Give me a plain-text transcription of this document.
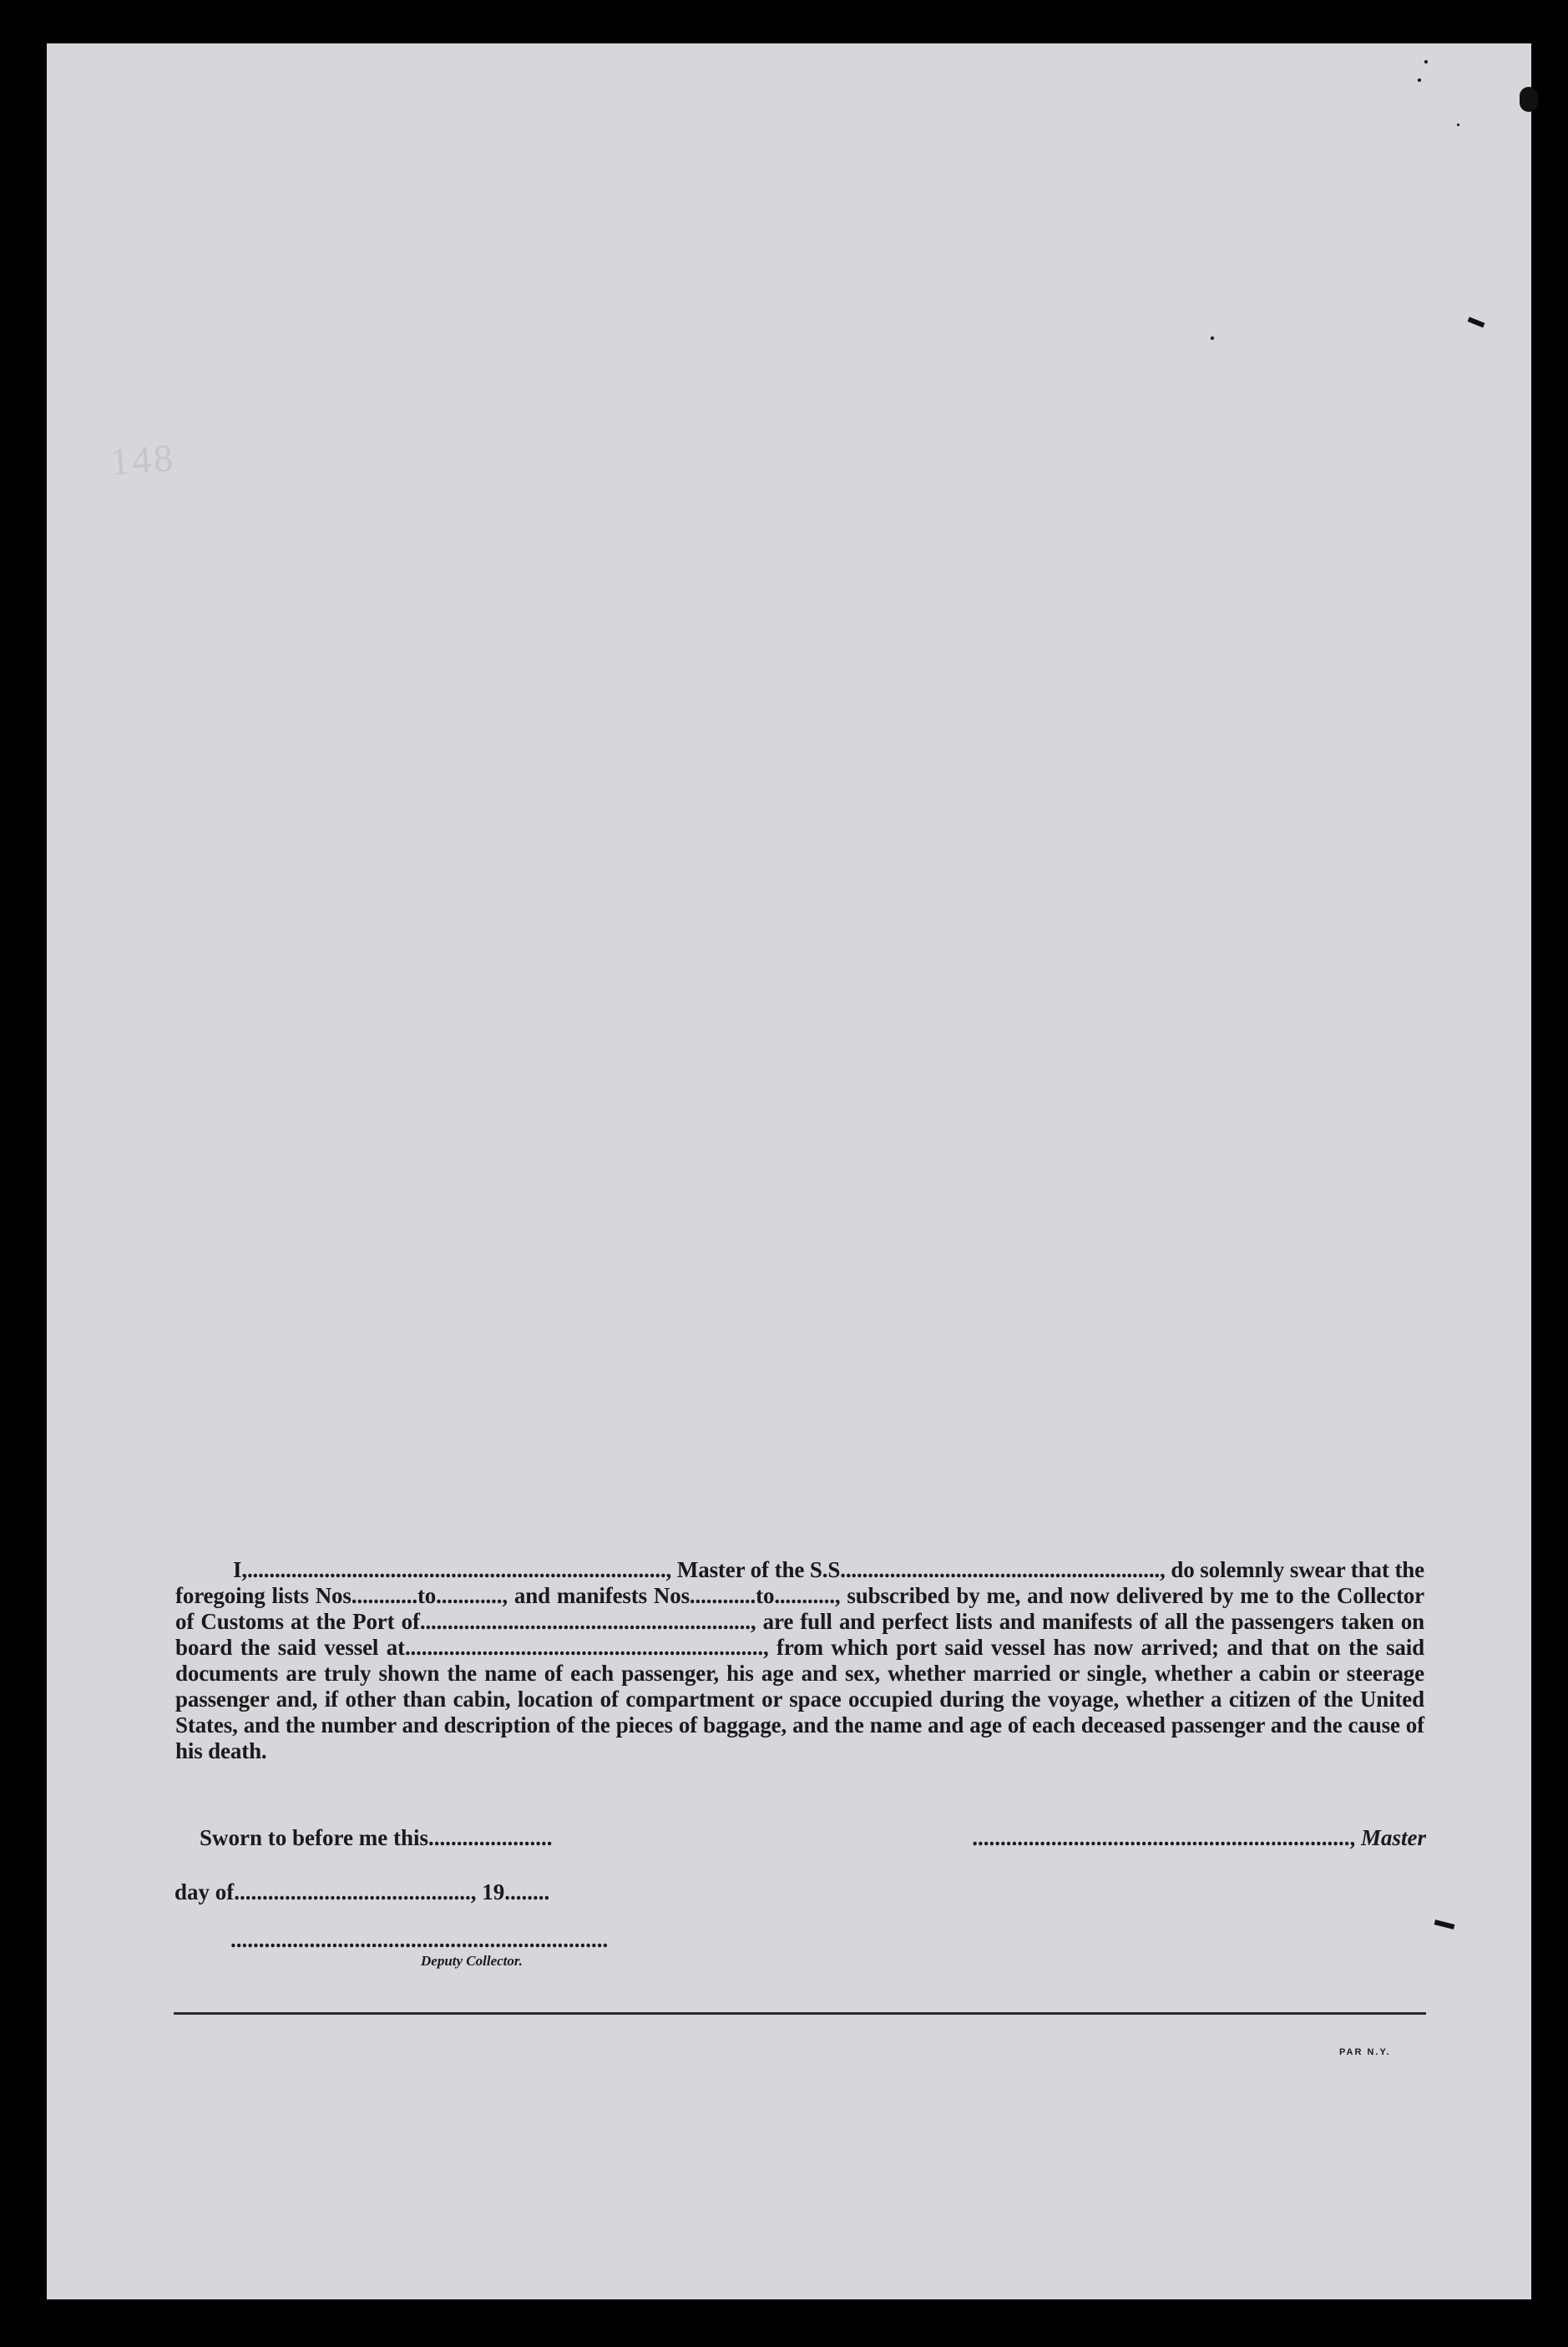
148
I,............................................................................, Master of the S.S.........................................................., do solemnly swear that the foregoing lists Nos............to............, and manifests Nos............to..........., subscribed by me, and now delivered by me to the Collector of Customs at the Port of............................................................, are full and perfect lists and manifests of all the passengers taken on board the said vessel at................................................................., from which port said vessel has now arrived; and that on the said documents are truly shown the name of each passenger, his age and sex, whether married or single, whether a cabin or steerage passenger and, if other than cabin, location of compartment or space occupied during the voyage, whether a citizen of the United States, and the number and description of the pieces of baggage, and the name and age of each deceased passenger and the cause of his death.
Sworn to before me this......................	..................................................................., Master
day of.........................................., 19........
...................................................................
Deputy Collector.
PAR N.Y.
